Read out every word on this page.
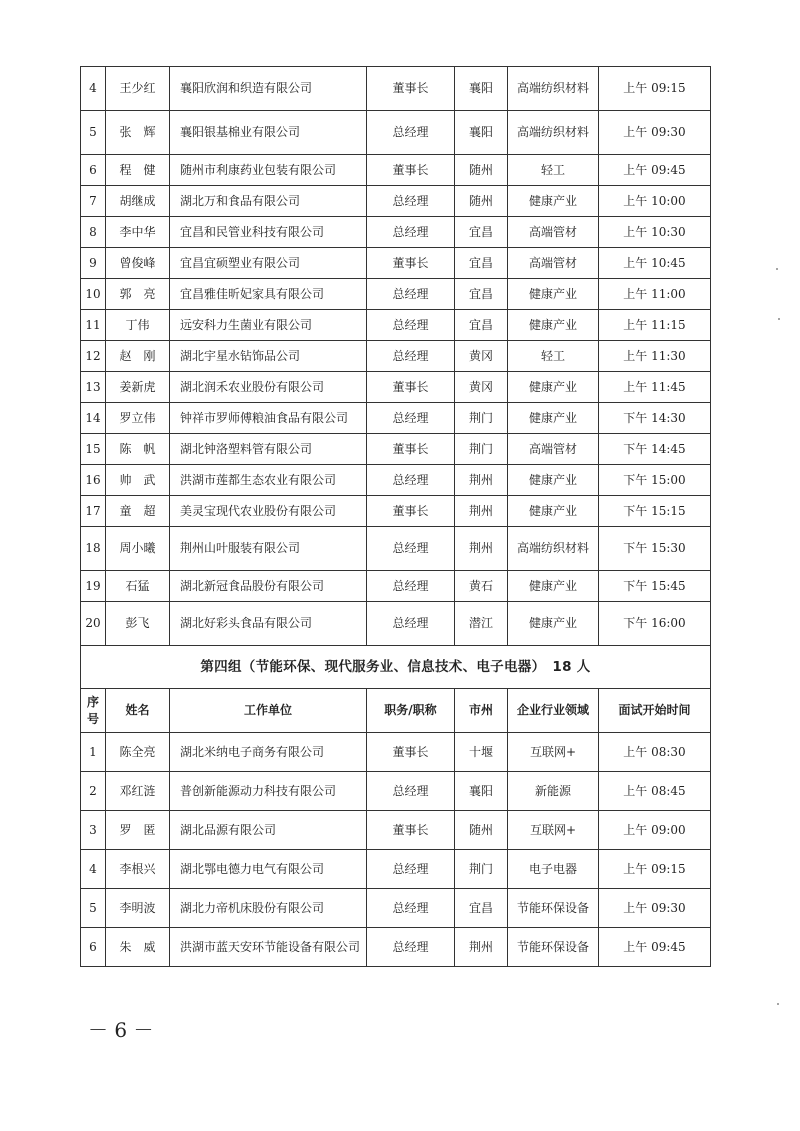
4	王少红	襄阳欣润和织造有限公司	董事长	襄阳	高端纺织材料	上午 09:15
5	张　辉	襄阳银基棉业有限公司	总经理	襄阳	高端纺织材料	上午 09:30
6	程　健	随州市利康药业包装有限公司	董事长	随州	轻工	上午 09:45
7	胡继成	湖北万和食品有限公司	总经理	随州	健康产业	上午 10:00
8	李中华	宜昌和民管业科技有限公司	总经理	宜昌	高端管材	上午 10:30
9	曾俊峰	宜昌宜硕塑业有限公司	董事长	宜昌	高端管材	上午 10:45
10	郭　亮	宜昌雅佳昕妃家具有限公司	总经理	宜昌	健康产业	上午 11:00
11	丁伟	远安科力生菌业有限公司	总经理	宜昌	健康产业	上午 11:15
12	赵　刚	湖北宇星水钻饰品公司	总经理	黄冈	轻工	上午 11:30
13	姜新虎	湖北润禾农业股份有限公司	董事长	黄冈	健康产业	上午 11:45
14	罗立伟	钟祥市罗师傅粮油食品有限公司	总经理	荆门	健康产业	下午 14:30
15	陈　帆	湖北钟洛塑料管有限公司	董事长	荆门	高端管材	下午 14:45
16	帅　武	洪湖市莲都生态农业有限公司	总经理	荆州	健康产业	下午 15:00
17	童　超	美灵宝现代农业股份有限公司	董事长	荆州	健康产业	下午 15:15
18	周小曦	荆州山叶服装有限公司	总经理	荆州	高端纺织材料	下午 15:30
19	石猛	湖北新冠食品股份有限公司	总经理	黄石	健康产业	下午 15:45
20	彭飞	湖北好彩头食品有限公司	总经理	潜江	健康产业	下午 16:00
第四组（节能环保、现代服务业、信息技术、电子电器）　18 人						
序号	姓名	工作单位	职务/职称	市州	企业行业领域	面试开始时间
1	陈全亮	湖北米纳电子商务有限公司	董事长	十堰	互联网+	上午 08:30
2	邓红涟	普创新能源动力科技有限公司	总经理	襄阳	新能源	上午 08:45
3	罗　匿	湖北品源有限公司	董事长	随州	互联网+	上午 09:00
4	李根兴	湖北鄂电德力电气有限公司	总经理	荆门	电子电器	上午 09:15
5	李明波	湖北力帝机床股份有限公司	总经理	宜昌	节能环保设备	上午 09:30
6	朱　威	洪湖市蓝天安环节能设备有限公司	总经理	荆州	节能环保设备	上午 09:45
－ 6 －
